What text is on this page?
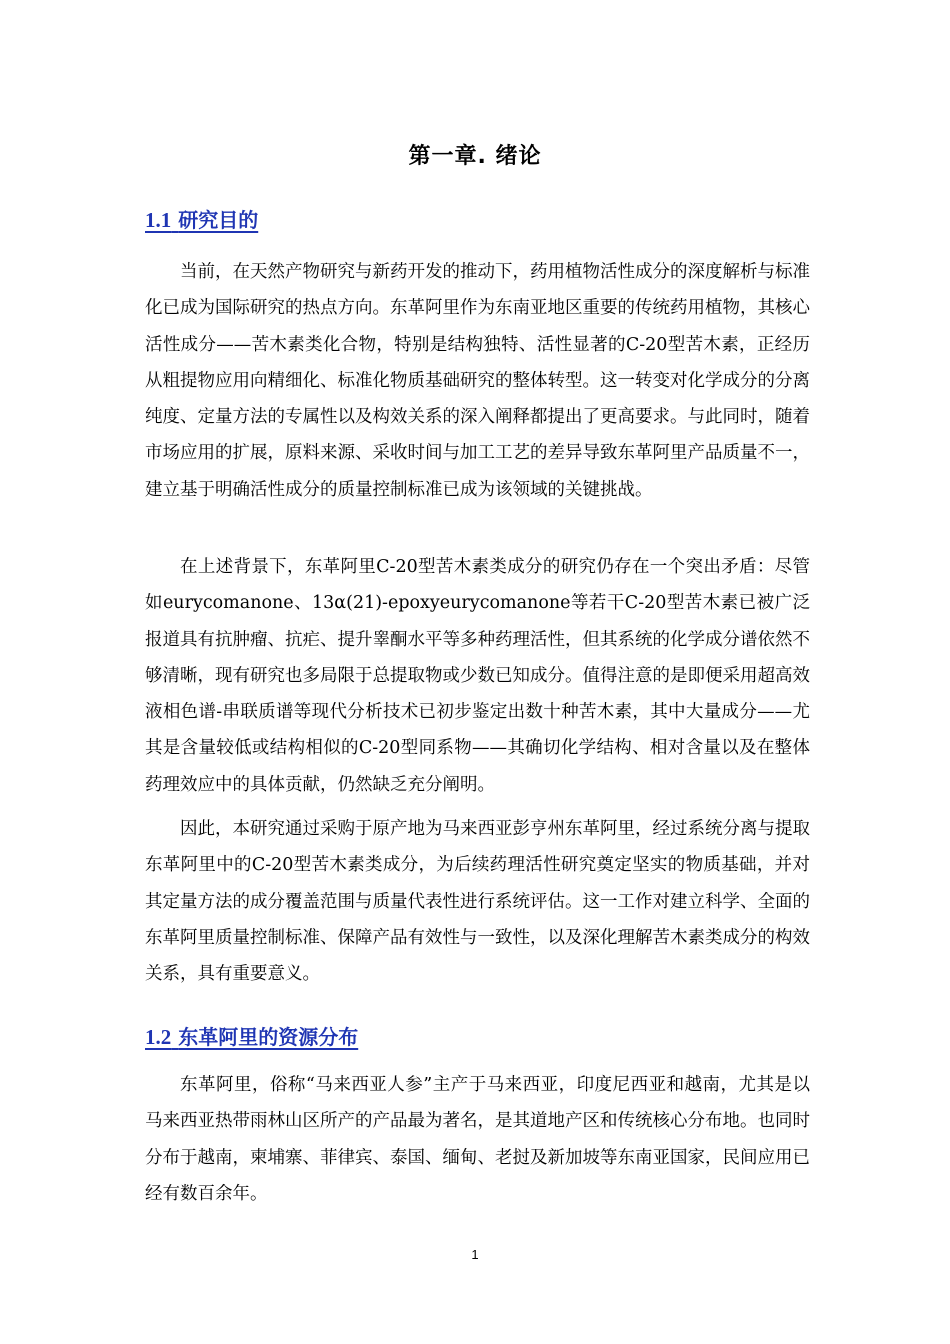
第一章. 绪论
1.1 研究目的

当前，在天然产物研究与新药开发的推动下，药用植物活性成分的深度解析与标准化已成为国际研究的热点方向。东革阿里作为东南亚地区重要的传统药用植物，其核心活性成分——苦木素类化合物，特别是结构独特、活性显著的C-20型苦木素，正经历从粗提物应用向精细化、标准化物质基础研究的整体转型。这一转变对化学成分的分离纯度、定量方法的专属性以及构效关系的深入阐释都提出了更高要求。与此同时，随着市场应用的扩展，原料来源、采收时间与加工工艺的差异导致东革阿里产品质量不一，建立基于明确活性成分的质量控制标准已成为该领域的关键挑战。

在上述背景下，东革阿里C-20型苦木素类成分的研究仍存在一个突出矛盾：尽管如eurycomanone、13α(21)-epoxyeurycomanone等若干C-20型苦木素已被广泛报道具有抗肿瘤、抗疟、提升睾酮水平等多种药理活性，但其系统的化学成分谱依然不够清晰，现有研究也多局限于总提取物或少数已知成分。值得注意的是即便采用超高效液相色谱-串联质谱等现代分析技术已初步鉴定出数十种苦木素，其中大量成分——尤其是含量较低或结构相似的C-20型同系物——其确切化学结构、相对含量以及在整体药理效应中的具体贡献，仍然缺乏充分阐明。

因此，本研究通过采购于原产地为马来西亚彭亨州东革阿里，经过系统分离与提取东革阿里中的C-20型苦木素类成分，为后续药理活性研究奠定坚实的物质基础，并对其定量方法的成分覆盖范围与质量代表性进行系统评估。这一工作对建立科学、全面的东革阿里质量控制标准、保障产品有效性与一致性，以及深化理解苦木素类成分的构效关系，具有重要意义。

1.2 东革阿里的资源分布

东革阿里，俗称“马来西亚人参”主产于马来西亚，印度尼西亚和越南，尤其是以马来西亚热带雨林山区所产的产品最为著名，是其道地产区和传统核心分布地。也同时分布于越南，柬埔寨、菲律宾、泰国、缅甸、老挝及新加坡等东南亚国家，民间应用已经有数百余年。

1
